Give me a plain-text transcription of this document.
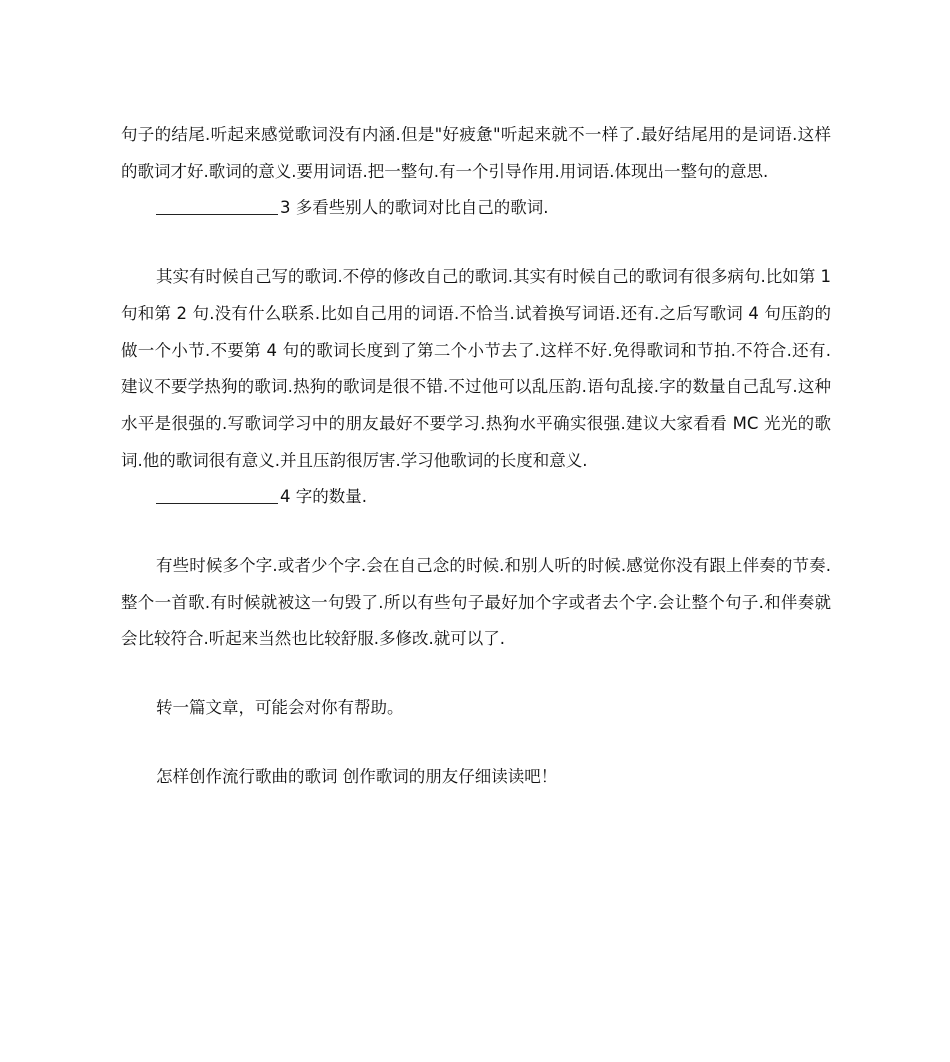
句子的结尾.听起来感觉歌词没有内涵.但是"好疲惫"听起来就不一样了.最好结尾用的是词语.这样的歌词才好.歌词的意义.要用词语.把一整句.有一个引导作用.用词语.体现出一整句的意思.

3 多看些别人的歌词对比自己的歌词.

其实有时候自己写的歌词.不停的修改自己的歌词.其实有时候自己的歌词有很多病句.比如第 1 句和第 2 句.没有什么联系.比如自己用的词语.不恰当.试着换写词语.还有.之后写歌词 4 句压韵的做一个小节.不要第 4 句的歌词长度到了第二个小节去了.这样不好.免得歌词和节拍.不符合.还有.建议不要学热狗的歌词.热狗的歌词是很不错.不过他可以乱压韵.语句乱接.字的数量自己乱写.这种水平是很强的.写歌词学习中的朋友最好不要学习.热狗水平确实很强.建议大家看看 MC 光光的歌词.他的歌词很有意义.并且压韵很厉害.学习他歌词的长度和意义.

4 字的数量.

有些时候多个字.或者少个字.会在自己念的时候.和别人听的时候.感觉你没有跟上伴奏的节奏.整个一首歌.有时候就被这一句毁了.所以有些句子最好加个字或者去个字.会让整个句子.和伴奏就会比较符合.听起来当然也比较舒服.多修改.就可以了.

转一篇文章，可能会对你有帮助。

怎样创作流行歌曲的歌词 创作歌词的朋友仔细读读吧！
